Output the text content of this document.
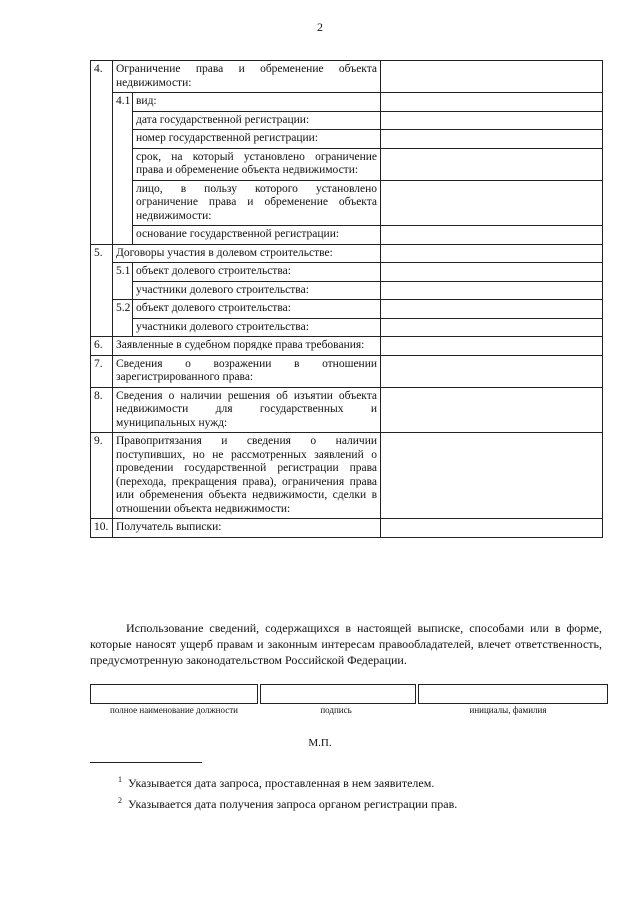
2
4.	Ограничение права и обременение объекта недвижимости:		
	4.1	вид:	
		дата государственной регистрации:	
		номер государственной регистрации:	
		срок, на который установлено ограничение права и обременение объекта недвижимости:	
		лицо, в пользу которого установлено ограничение права и обременение объекта недвижимости:	
		основание государственной регистрации:	
5.	Договоры участия в долевом строительстве:		
	5.1	объект долевого строительства:	
		участники долевого строительства:	
	5.2	объект долевого строительства:	
		участники долевого строительства:	
6.	Заявленные в судебном порядке права требования:		
7.	Сведения о возражении в отношении зарегистрированного права:		
8.	Сведения о наличии решения об изъятии объекта недвижимости для государственных и муниципальных нужд:		
9.	Правопритязания и сведения о наличии поступивших, но не рассмотренных заявлений о проведении государственной регистрации права (перехода, прекращения права), ограничения права или обременения объекта недвижимости, сделки в отношении объекта недвижимости:		
10.	Получатель выписки:		
Использование сведений, содержащихся в настоящей выписке, способами или в форме, которые наносят ущерб правам и законным интересам правообладателей, влечет ответственность, предусмотренную законодательством Российской Федерации.

полное наименование должности	подпись	инициалы, фамилия
М.П.
$^1$ Указывается дата запроса, проставленная в нем заявителем.
$^2$ Указывается дата получения запроса органом регистрации прав.
